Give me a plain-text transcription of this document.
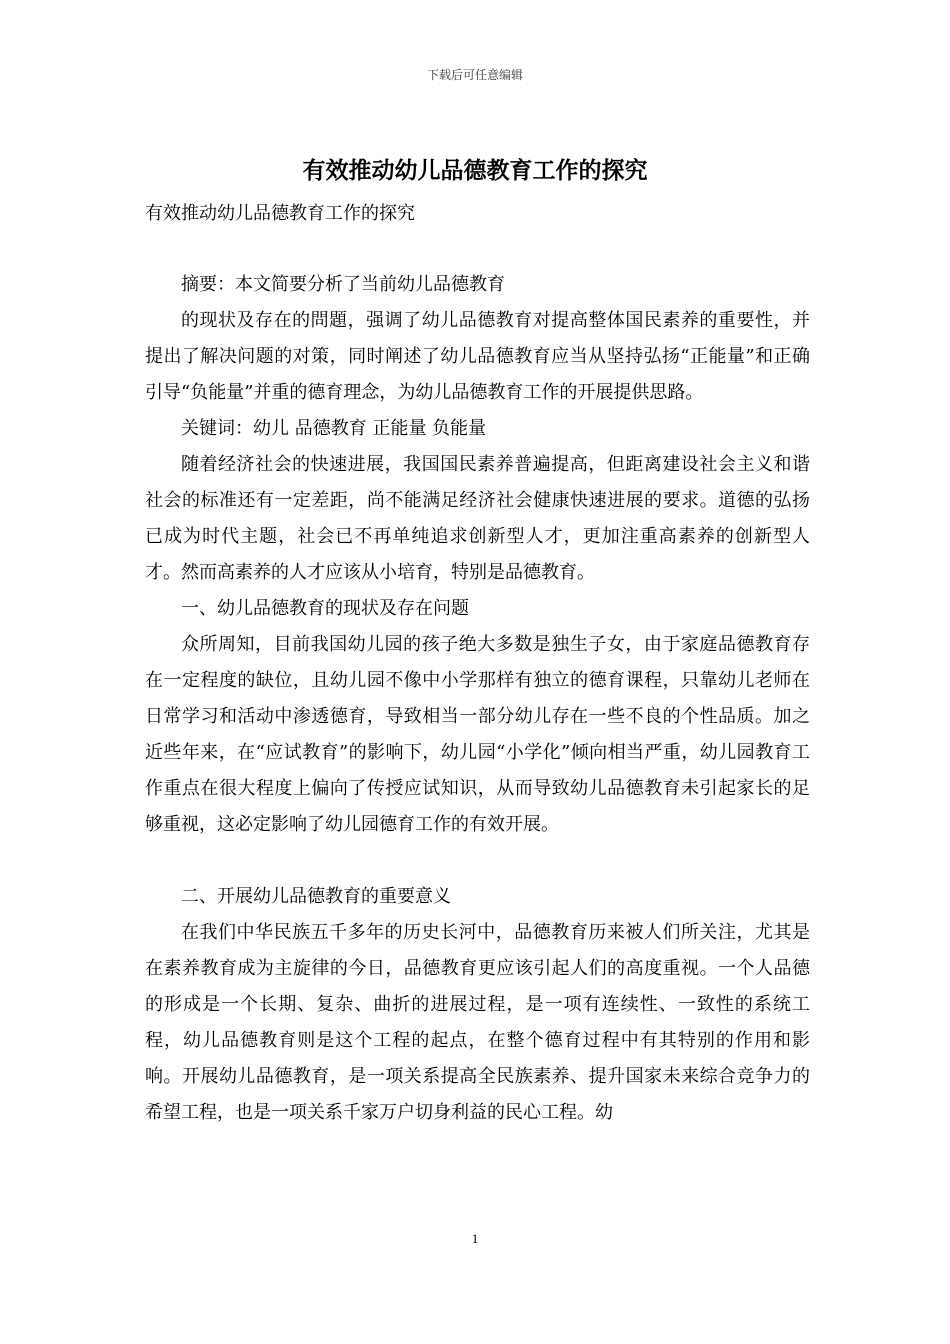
下载后可任意编辑
有效推动幼儿品德教育工作的探究
有效推动幼儿品德教育工作的探究

摘要：本文简要分析了当前幼儿品德教育

的现状及存在的問題，强调了幼儿品德教育对提高整体国民素养的重要性，并提出了解决问题的对策，同时阐述了幼儿品德教育应当从坚持弘扬“正能量”和正确引导“负能量”并重的德育理念，为幼儿品德教育工作的开展提供思路。

关键词：幼儿 品德教育 正能量 负能量

随着经济社会的快速进展，我国国民素养普遍提高，但距离建设社会主义和谐社会的标准还有一定差距，尚不能满足经济社会健康快速进展的要求。道德的弘扬已成为时代主题，社会已不再单纯追求创新型人才，更加注重高素养的创新型人才。然而高素养的人才应该从小培育，特别是品德教育。

一、幼儿品德教育的现状及存在问题

众所周知，目前我国幼儿园的孩子绝大多数是独生子女，由于家庭品德教育存在一定程度的缺位，且幼儿园不像中小学那样有独立的德育课程，只靠幼儿老师在日常学习和活动中渗透德育，导致相当一部分幼儿存在一些不良的个性品质。加之近些年来，在“应试教育”的影响下，幼儿园“小学化”倾向相当严重，幼儿园教育工作重点在很大程度上偏向了传授应试知识，从而导致幼儿品德教育未引起家长的足够重视，这必定影响了幼儿园德育工作的有效开展。

二、开展幼儿品德教育的重要意义

在我们中华民族五千多年的历史长河中，品德教育历来被人们所关注，尤其是在素养教育成为主旋律的今日，品德教育更应该引起人们的高度重视。一个人品德的形成是一个长期、复杂、曲折的进展过程，是一项有连续性、一致性的系统工程，幼儿品德教育则是这个工程的起点，在整个德育过程中有其特别的作用和影响。开展幼儿品德教育，是一项关系提高全民族素养、提升国家未来综合竞争力的希望工程，也是一项关系千家万户切身利益的民心工程。幼

1
